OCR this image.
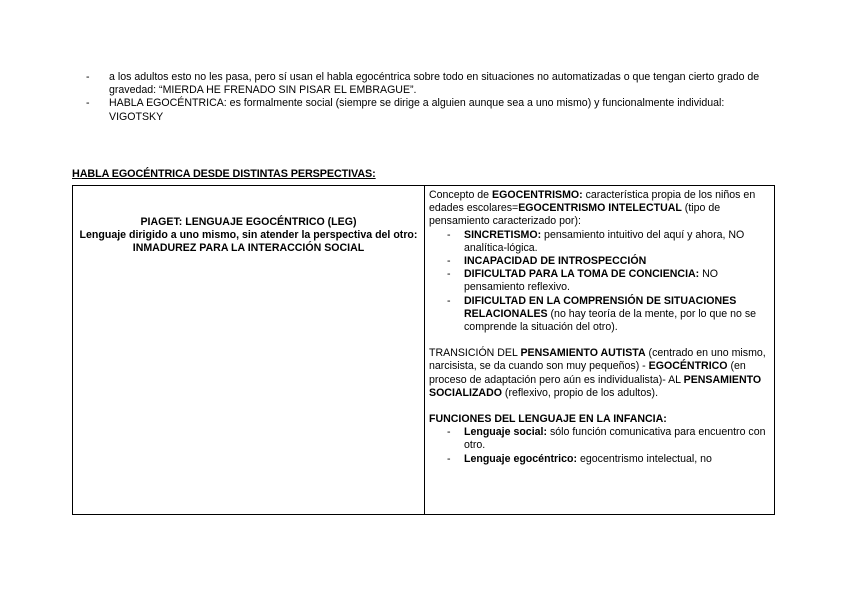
-	a los adultos esto no les pasa, pero sí usan el habla egocéntrica sobre todo en situaciones no automatizadas o que tengan cierto grado de gravedad: “MIERDA HE FRENADO SIN PISAR EL EMBRAGUE”.
-	HABLA EGOCÉNTRICA: es formalmente social (siempre se dirige a alguien aunque sea a uno mismo) y funcionalmente individual: VIGOTSKY
HABLA EGOCÉNTRICA DESDE DISTINTAS PERSPECTIVAS:
PIAGET: LENGUAJE EGOCÉNTRICO (LEG)
Lenguaje dirigido a uno mismo, sin atender la perspectiva del otro: INMADUREZ PARA LA INTERACCIÓN SOCIAL

Concepto de EGOCENTRISMO: característica propia de los niños en edades escolares=EGOCENTRISMO INTELECTUAL (tipo de pensamiento caracterizado por):

-	SINCRETISMO: pensamiento intuitivo del aquí y ahora, NO analítica-lógica.
-	INCAPACIDAD DE INTROSPECCIÓN
-	DIFICULTAD PARA LA TOMA DE CONCIENCIA: NO pensamiento reflexivo.
-	DIFICULTAD EN LA COMPRENSIÓN DE SITUACIONES RELACIONALES (no hay teoría de la mente, por lo que no se comprende la situación del otro).

TRANSICIÓN DEL PENSAMIENTO AUTISTA (centrado en uno mismo, narcisista, se da cuando son muy pequeños) - EGOCÉNTRICO (en proceso de adaptación pero aún es individualista)- AL PENSAMIENTO SOCIALIZADO (reflexivo, propio de los adultos).

FUNCIONES DEL LENGUAJE EN LA INFANCIA:

-	Lenguaje social: sólo función comunicativa para encuentro con otro.
-	Lenguaje egocéntrico: egocentrismo intelectual, no
